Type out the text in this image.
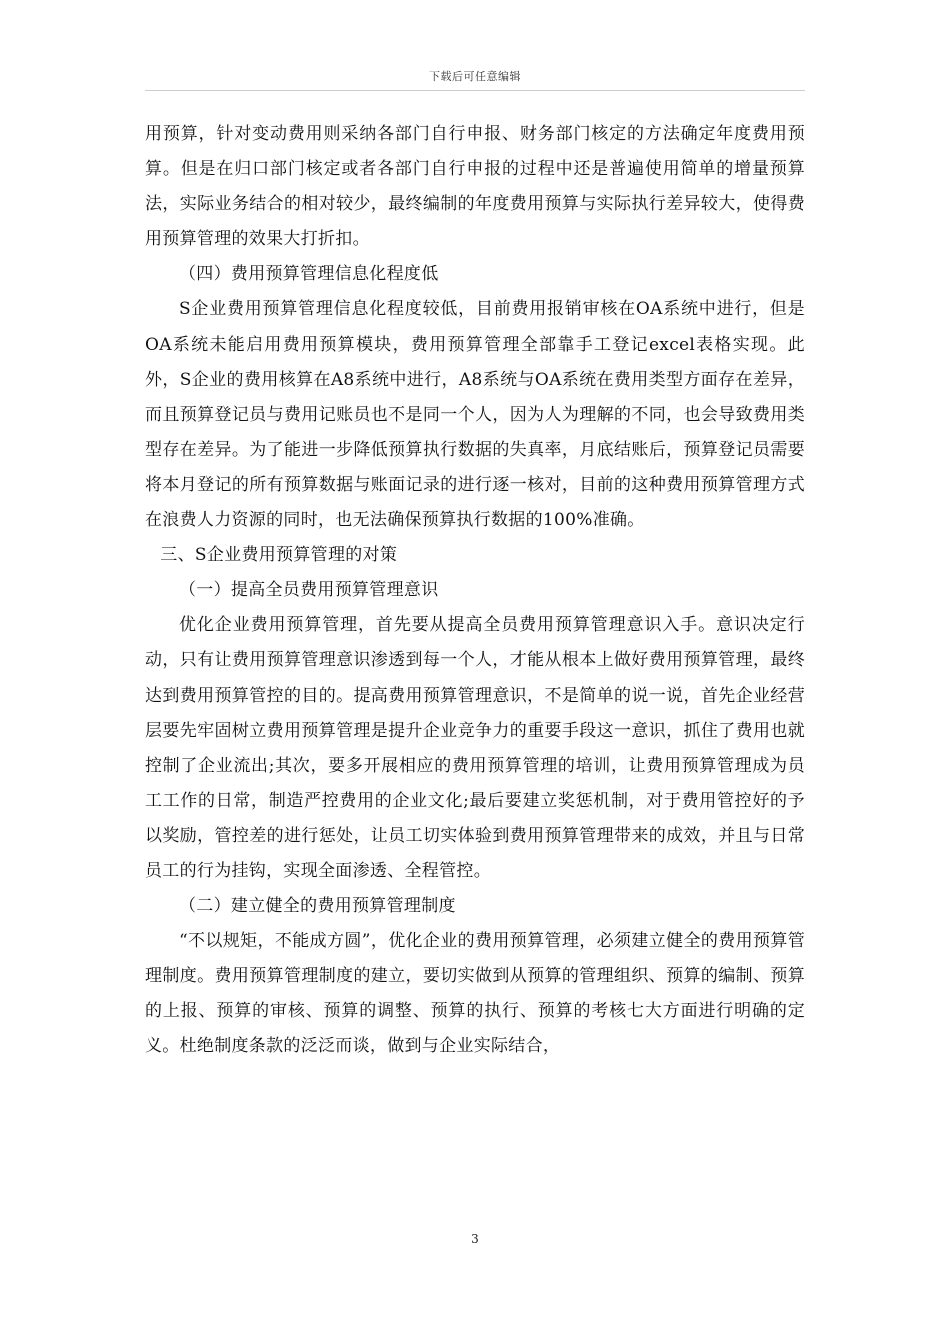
下载后可任意编辑

用预算，针对变动费用则采纳各部门自行申报、财务部门核定的方法确定年度费用预算。但是在归口部门核定或者各部门自行申报的过程中还是普遍使用简单的增量预算法，实际业务结合的相对较少，最终编制的年度费用预算与实际执行差异较大，使得费用预算管理的效果大打折扣。

（四）费用预算管理信息化程度低

S企业费用预算管理信息化程度较低，目前费用报销审核在OA系统中进行，但是OA系统未能启用费用预算模块，费用预算管理全部靠手工登记excel表格实现。此外，S企业的费用核算在A8系统中进行，A8系统与OA系统在费用类型方面存在差异，而且预算登记员与费用记账员也不是同一个人，因为人为理解的不同，也会导致费用类型存在差异。为了能进一步降低预算执行数据的失真率，月底结账后，预算登记员需要将本月登记的所有预算数据与账面记录的进行逐一核对，目前的这种费用预算管理方式在浪费人力资源的同时，也无法确保预算执行数据的100%准确。

三、S企业费用预算管理的对策

（一）提高全员费用预算管理意识

优化企业费用预算管理，首先要从提高全员费用预算管理意识入手。意识决定行动，只有让费用预算管理意识渗透到每一个人，才能从根本上做好费用预算管理，最终达到费用预算管控的目的。提高费用预算管理意识，不是简单的说一说，首先企业经营层要先牢固树立费用预算管理是提升企业竞争力的重要手段这一意识，抓住了费用也就控制了企业流出;其次，要多开展相应的费用预算管理的培训，让费用预算管理成为员工工作的日常，制造严控费用的企业文化;最后要建立奖惩机制，对于费用管控好的予以奖励，管控差的进行惩处，让员工切实体验到费用预算管理带来的成效，并且与日常员工的行为挂钩，实现全面渗透、全程管控。

（二）建立健全的费用预算管理制度

“不以规矩，不能成方圆”，优化企业的费用预算管理，必须建立健全的费用预算管理制度。费用预算管理制度的建立，要切实做到从预算的管理组织、预算的编制、预算的上报、预算的审核、预算的调整、预算的执行、预算的考核七大方面进行明确的定义。杜绝制度条款的泛泛而谈，做到与企业实际结合，

3
